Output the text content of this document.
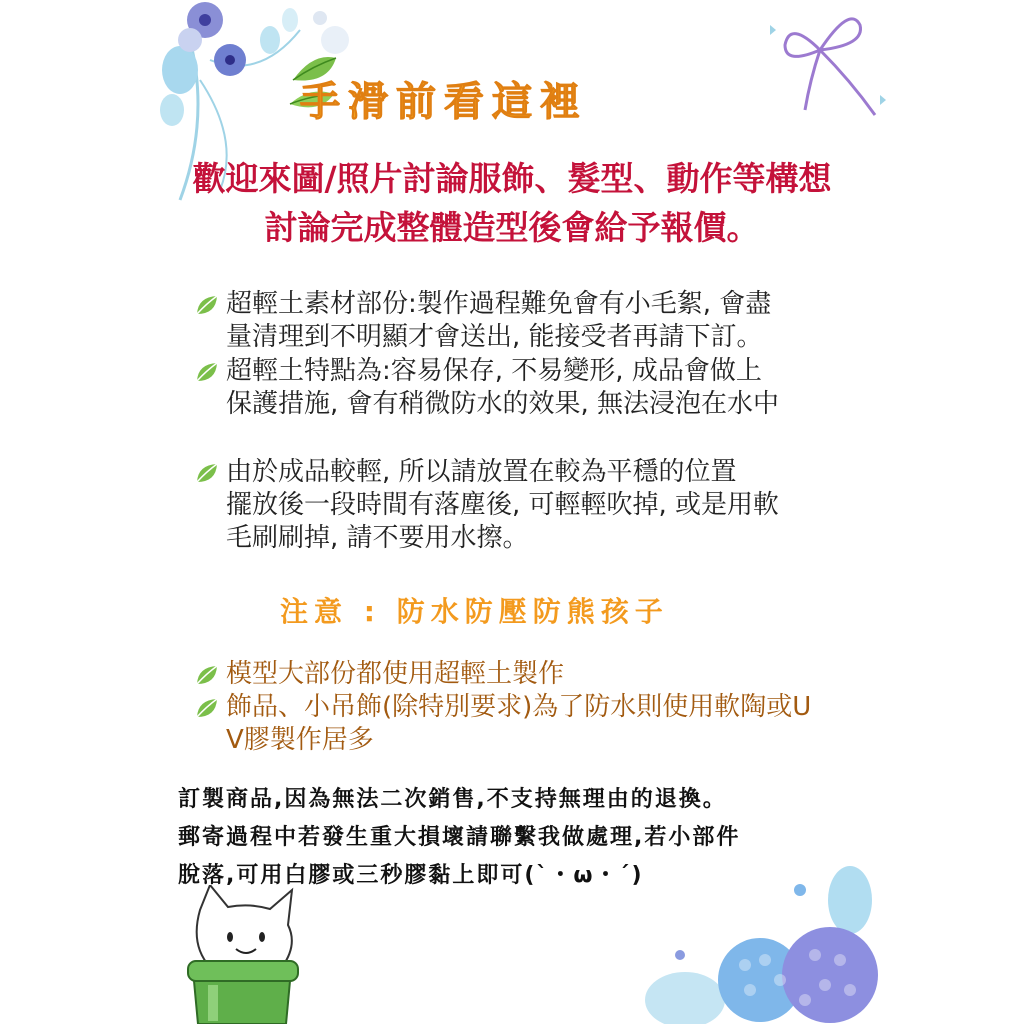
手滑前看這裡
歡迎來圖/照片討論服飾、髮型、動作等構想
討論完成整體造型後會給予報價。
超輕土素材部份:製作過程難免會有小毛絮, 會盡
量清理到不明顯才會送出, 能接受者再請下訂。
超輕土特點為:容易保存, 不易變形, 成品會做上
保護措施, 會有稍微防水的效果, 無法浸泡在水中
由於成品較輕, 所以請放置在較為平穩的位置
擺放後一段時間有落塵後, 可輕輕吹掉, 或是用軟
毛刷刷掉, 請不要用水擦。
注意 : 防水防壓防熊孩子
模型大部份都使用超輕土製作
飾品、小吊飾(除特別要求)為了防水則使用軟陶或U
V膠製作居多
訂製商品,因為無法二次銷售,不支持無理由的退換。
郵寄過程中若發生重大損壞請聯繫我做處理,若小部件
脫落,可用白膠或三秒膠黏上即可(`・ω・´)
